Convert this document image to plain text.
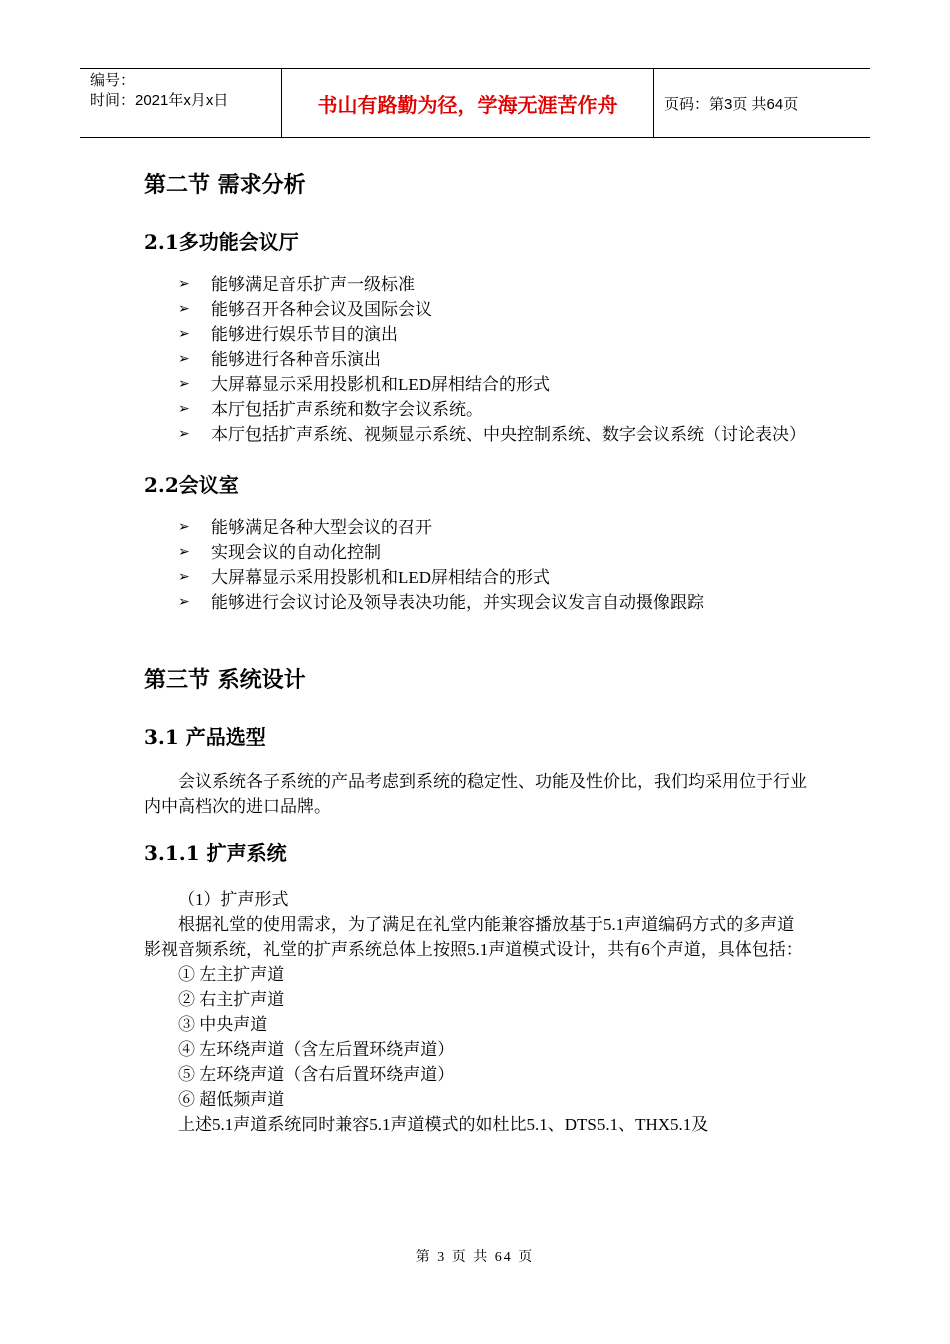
编号：
时间：2021年x月x日	书山有路勤为径，学海无涯苦作舟	页码：第3页 共64页
第二节 需求分析
2.1多功能会议厅
➢ 能够满足音乐扩声一级标准
➢ 能够召开各种会议及国际会议
➢ 能够进行娱乐节目的演出
➢ 能够进行各种音乐演出
➢ 大屏幕显示采用投影机和LED屏相结合的形式
➢ 本厅包括扩声系统和数字会议系统。
➢ 本厅包括扩声系统、视频显示系统、中央控制系统、数字会议系统（讨论表决）
2.2会议室
➢ 能够满足各种大型会议的召开
➢ 实现会议的自动化控制
➢ 大屏幕显示采用投影机和LED屏相结合的形式
➢ 能够进行会议讨论及领导表决功能，并实现会议发言自动摄像跟踪
第三节 系统设计
3.1 产品选型

会议系统各子系统的产品考虑到系统的稳定性、功能及性价比，我们均采用位于行业内中高档次的进口品牌。

3.1.1 扩声系统
（1）扩声形式

根据礼堂的使用需求，为了满足在礼堂内能兼容播放基于5.1声道编码方式的多声道影视音频系统，礼堂的扩声系统总体上按照5.1声道模式设计，共有6个声道，具体包括：

① 左主扩声道
② 右主扩声道
③ 中央声道
④ 左环绕声道（含左后置环绕声道）
⑤ 左环绕声道（含右后置环绕声道）
⑥ 超低频声道
上述5.1声道系统同时兼容5.1声道模式的如杜比5.1、DTS5.1、THX5.1及
第 3 页 共 64 页
